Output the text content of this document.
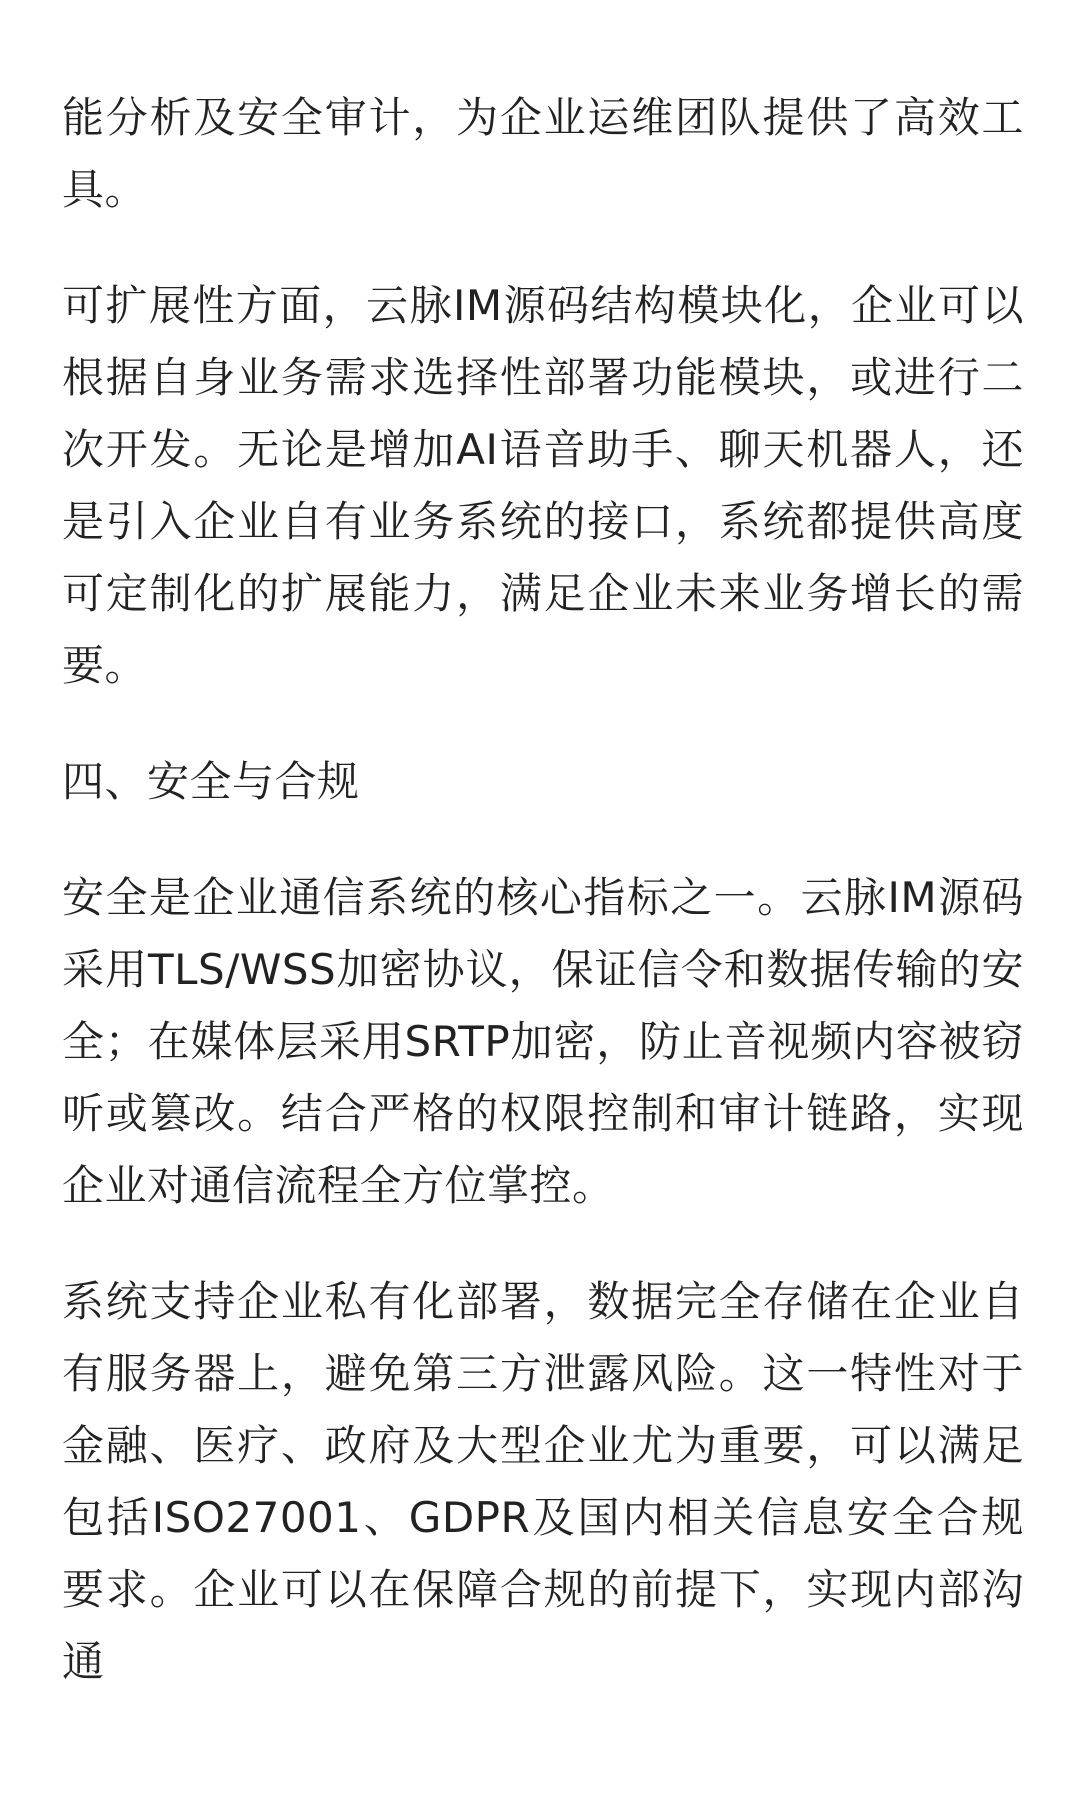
能分析及安全审计，为企业运维团队提供了高效工具。

可扩展性方面，云脉IM源码结构模块化，企业可以根据自身业务需求选择性部署功能模块，或进行二次开发。无论是增加AI语音助手、聊天机器人，还是引入企业自有业务系统的接口，系统都提供高度可定制化的扩展能力，满足企业未来业务增长的需要。

四、安全与合规

安全是企业通信系统的核心指标之一。云脉IM源码采用TLS/WSS加密协议，保证信令和数据传输的安全；在媒体层采用SRTP加密，防止音视频内容被窃听或篡改。结合严格的权限控制和审计链路，实现企业对通信流程全方位掌控。

系统支持企业私有化部署，数据完全存储在企业自有服务器上，避免第三方泄露风险。这一特性对于金融、医疗、政府及大型企业尤为重要，可以满足包括ISO27001、GDPR及国内相关信息安全合规要求。企业可以在保障合规的前提下，实现内部沟通
